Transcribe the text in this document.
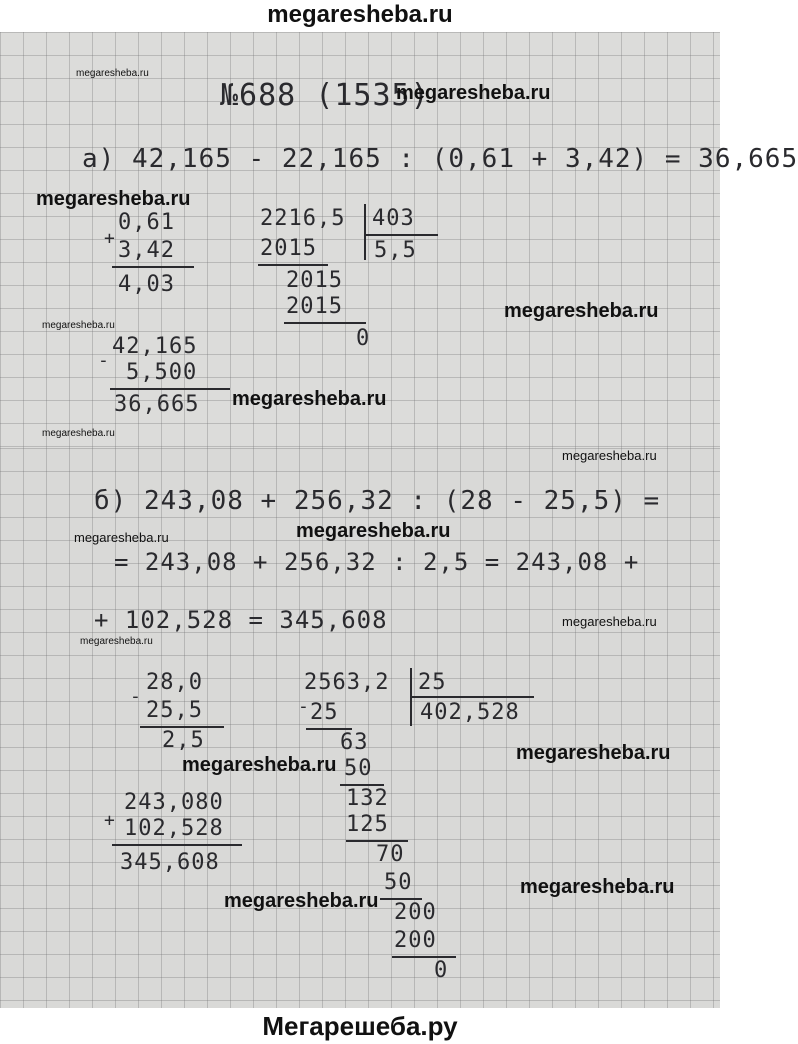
megaresheba.ru
megaresheba.ru
№688 (1535)
megaresheba.ru
а) 42,165 - 22,165 : (0,61 + 3,42) = 36,665
megaresheba.ru
0,61
+ 3,42
4,03
2216,5 403
5,5
2015
2015
2015
0
megaresheba.ru
megaresheba.ru
42,165
- 5,500
36,665 megaresheba.ru
megaresheba.ru
megaresheba.ru
б) 243,08 + 256,32 : (28 - 25,5) =
megaresheba.ru
megaresheba.ru
= 243,08 + 256,32 : 2,5 = 243,08 +
+ 102,528 = 345,608	megaresheba.ru
megaresheba.ru
28,0
-
25,5
2,5
2563,2 25
402,528
- 25
63
50
132
125
70
50
200
200
0
megaresheba.ru
megaresheba.ru
243,080
+ 102,528
345,608
megaresheba.ru
megaresheba.ru
Мегарешеба.ру
